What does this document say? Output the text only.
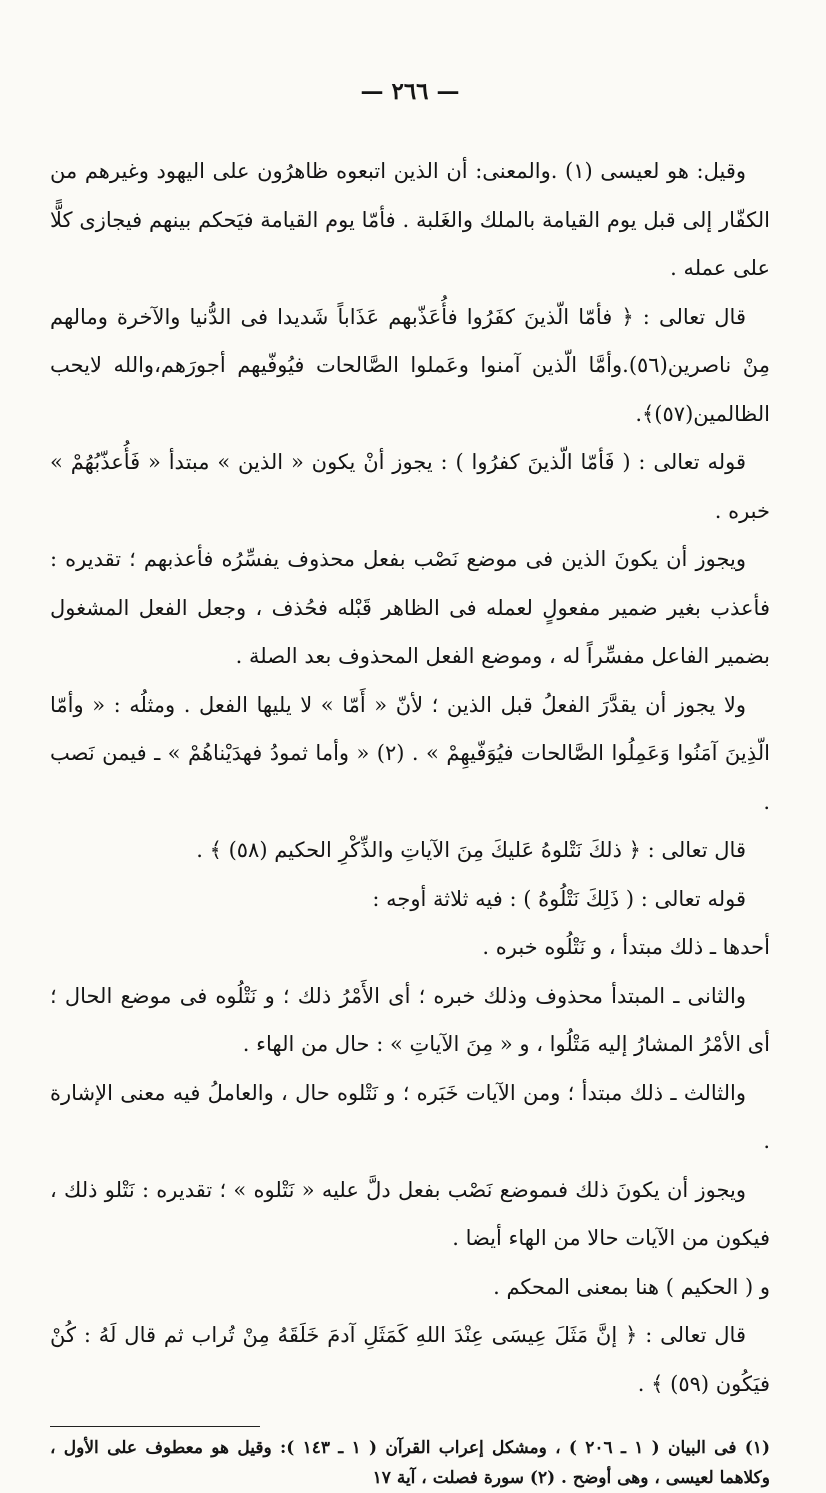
— ٢٦٦ —

وقيل: هو لعيسى (١) .والمعنى: أن الذين اتبعوه ظاهرُون على اليهود وغيرهم من الكفّار إلى قبل يوم القيامة بالملك والغَلبة . فأمّا يوم القيامة فيَحكم بينهم فيجازى كلًّا على عمله .

قال تعالى : ﴿ فأمّا الّذينَ كفَرُوا فأُعَذّبهم عَذَاباً شَديدا فى الدُّنيا والآخرة ومالهم مِنْ ناصرين(٥٦).وأمَّا الّذين آمنوا وعَملوا الصَّالحات فيُوفّيهم أجورَهم،والله لايحب الظالمين(٥٧)﴾.

قوله تعالى : ( فَأمّا الّذينَ كفرُوا ) : يجوز أنْ يكون « الذين » مبتدأ « فَأُعذّبُهُمْ » خبره .

ويجوز أن يكونَ الذين فى موضع نَصْب بفعل محذوف يفسِّرُه فأعذبهم ؛ تقديره : فأعذب بغير ضمير مفعولٍ لعمله فى الظاهر قَبْله فحُذف ، وجعل الفعل المشغول بضمير الفاعل مفسِّراً له ، وموضع الفعل المحذوف بعد الصلة .

ولا يجوز أن يقدَّرَ الفعلُ قبل الذين ؛ لأنّ « أَمّا » لا يليها الفعل . ومثلُه : « وأمّا الّذِينَ آمَنُوا وَعَمِلُوا الصَّالحات فيُوَفّيهِمْ » . (٢) « وأما ثمودُ فهدَيْناهُمْ » ـ فيمن نَصب .

قال تعالى : ﴿ ذلكَ نَتْلوهُ عَليكَ مِنَ الآياتِ والذِّكْرِ الحكيم (٥٨) ﴾ .

قوله تعالى : ( ذَلِكَ نَتْلُوهُ ) : فيه ثلاثة أوجه :

أحدها ـ ذلك مبتدأ ، و نَتْلُوه خبره .

والثانى ـ المبتدأ محذوف وذلك خبره ؛ أى الأَمْرُ ذلك ؛ و نَتْلُوه فى موضع الحال ؛ أى الأمْرُ المشارُ إليه مَتْلُوا ، و « مِنَ الآياتِ » : حال من الهاء .

والثالث ـ ذلك مبتدأ ؛ ومن الآيات خَبَره ؛ و نَتْلوه حال ، والعاملُ فيه معنى الإشارة .

ويجوز أن يكونَ ذلك فىموضع نَصْب بفعل دلَّ عليه « نَتْلوه » ؛ تقديره : نَتْلو ذلك ، فيكون من الآيات حالا من الهاء أيضا .

و ( الحكيم ) هنا بمعنى المحكم .

قال تعالى : ﴿ إنَّ مَثَلَ عِيسَى عِنْدَ اللهِ كَمَثَلِ آدمَ خَلَقَهُ مِنْ تُراب ثم قال لَهُ : كُنْ فيَكُون (٥٩) ﴾ .

(١) فى البيان ( ١ ـ ٢٠٦ ) ، ومشكل إعراب القرآن ( ١ ـ ١٤٣ ): وقيل هو معطوف على الأول ، وكلاهما لعيسى ، وهى أوضح . (٢) سورة فصلت ، آية ١٧
